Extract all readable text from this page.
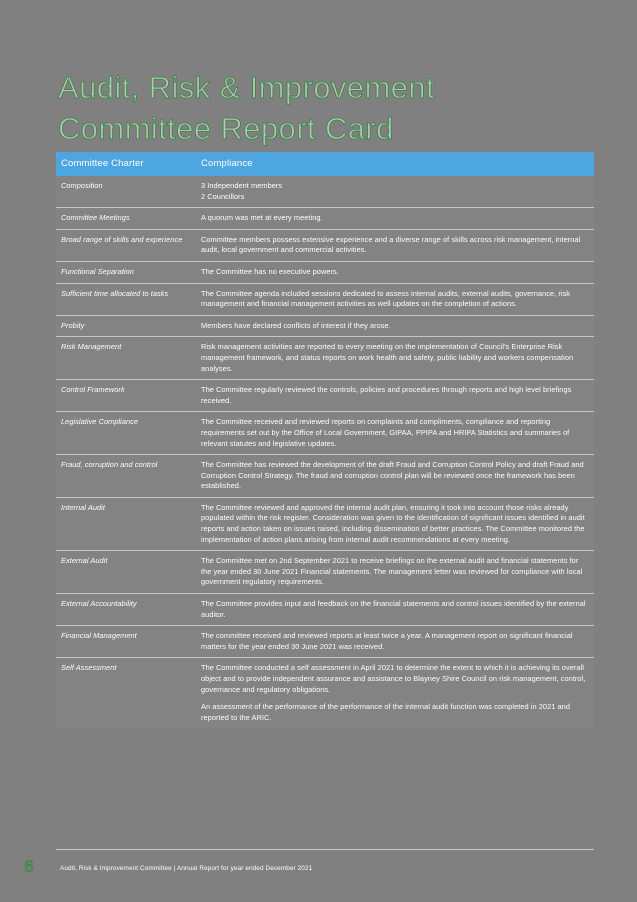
Audit, Risk & Improvement
Committee Report Card
Committee Charter	Compliance
Composition	3 Independent members
2 Councillors

Committee Meetings	A quorum was met at every meeting.

Broad range of skills and experience	Committee members possess extensive experience and a diverse range of skills across risk management, internal audit, local government and commercial activities.

Functional Separation	The Committee has no executive powers.

Sufficient time allocated to tasks	The Committee agenda included sessions dedicated to assess internal audits, external audits, governance, risk management and financial management activities as well updates on the completion of actions.

Probity	Members have declared conflicts of interest if they arose.

Risk Management	Risk management activities are reported to every meeting on the implementation of Council's Enterprise Risk management framework, and status reports on work health and safety, public liability and workers compensation analyses.

Control Framework	The Committee regularly reviewed the controls, policies and procedures through reports and high level briefings received.

Legislative Compliance	The Committee received and reviewed reports on complaints and compliments, compliance and reporting requirements set out by the Office of Local Government, GIPAA, PPIPA and HRIPA Statistics and summaries of relevant statutes and legislative updates.

Fraud, corruption and control	The Committee has reviewed the development of the draft Fraud and Corruption Control Policy and draft Fraud and Corruption Control Strategy. The fraud and corruption control plan will be reviewed once the framework has been established.

Internal Audit	The Committee reviewed and approved the internal audit plan, ensuring it took into account those risks already populated within the risk register. Consideration was given to the identification of significant issues identified in audit reports and action taken on issues raised, including dissemination of better practices. The Committee monitored the implementation of action plans arising from internal audit recommendations at every meeting.

External Audit	The Committee met on 2nd September 2021 to receive briefings on the external audit and financial statements for the year ended 30 June 2021 Financial statements. The management letter was reviewed for compliance with local government regulatory requirements.

External Accountability	The Committee provides input and feedback on the financial statements and control issues identified by the external auditor.

Financial Management	The committee received and reviewed reports at least twice a year. A management report on significant financial matters for the year ended 30 June 2021 was received.

Self Assessment	The Committee conducted a self assessment in April 2021 to determine the extent to which it is achieving its overall object and to provide independent assurance and assistance to Blayney Shire Council on risk management, control, governance and regulatory obligations.

An assessment of the performance of the performance of the internal audit function was completed in 2021 and reported to the ARIC.

6	Audit, Risk & Improvement Committee | Annual Report for year ended December 2021
